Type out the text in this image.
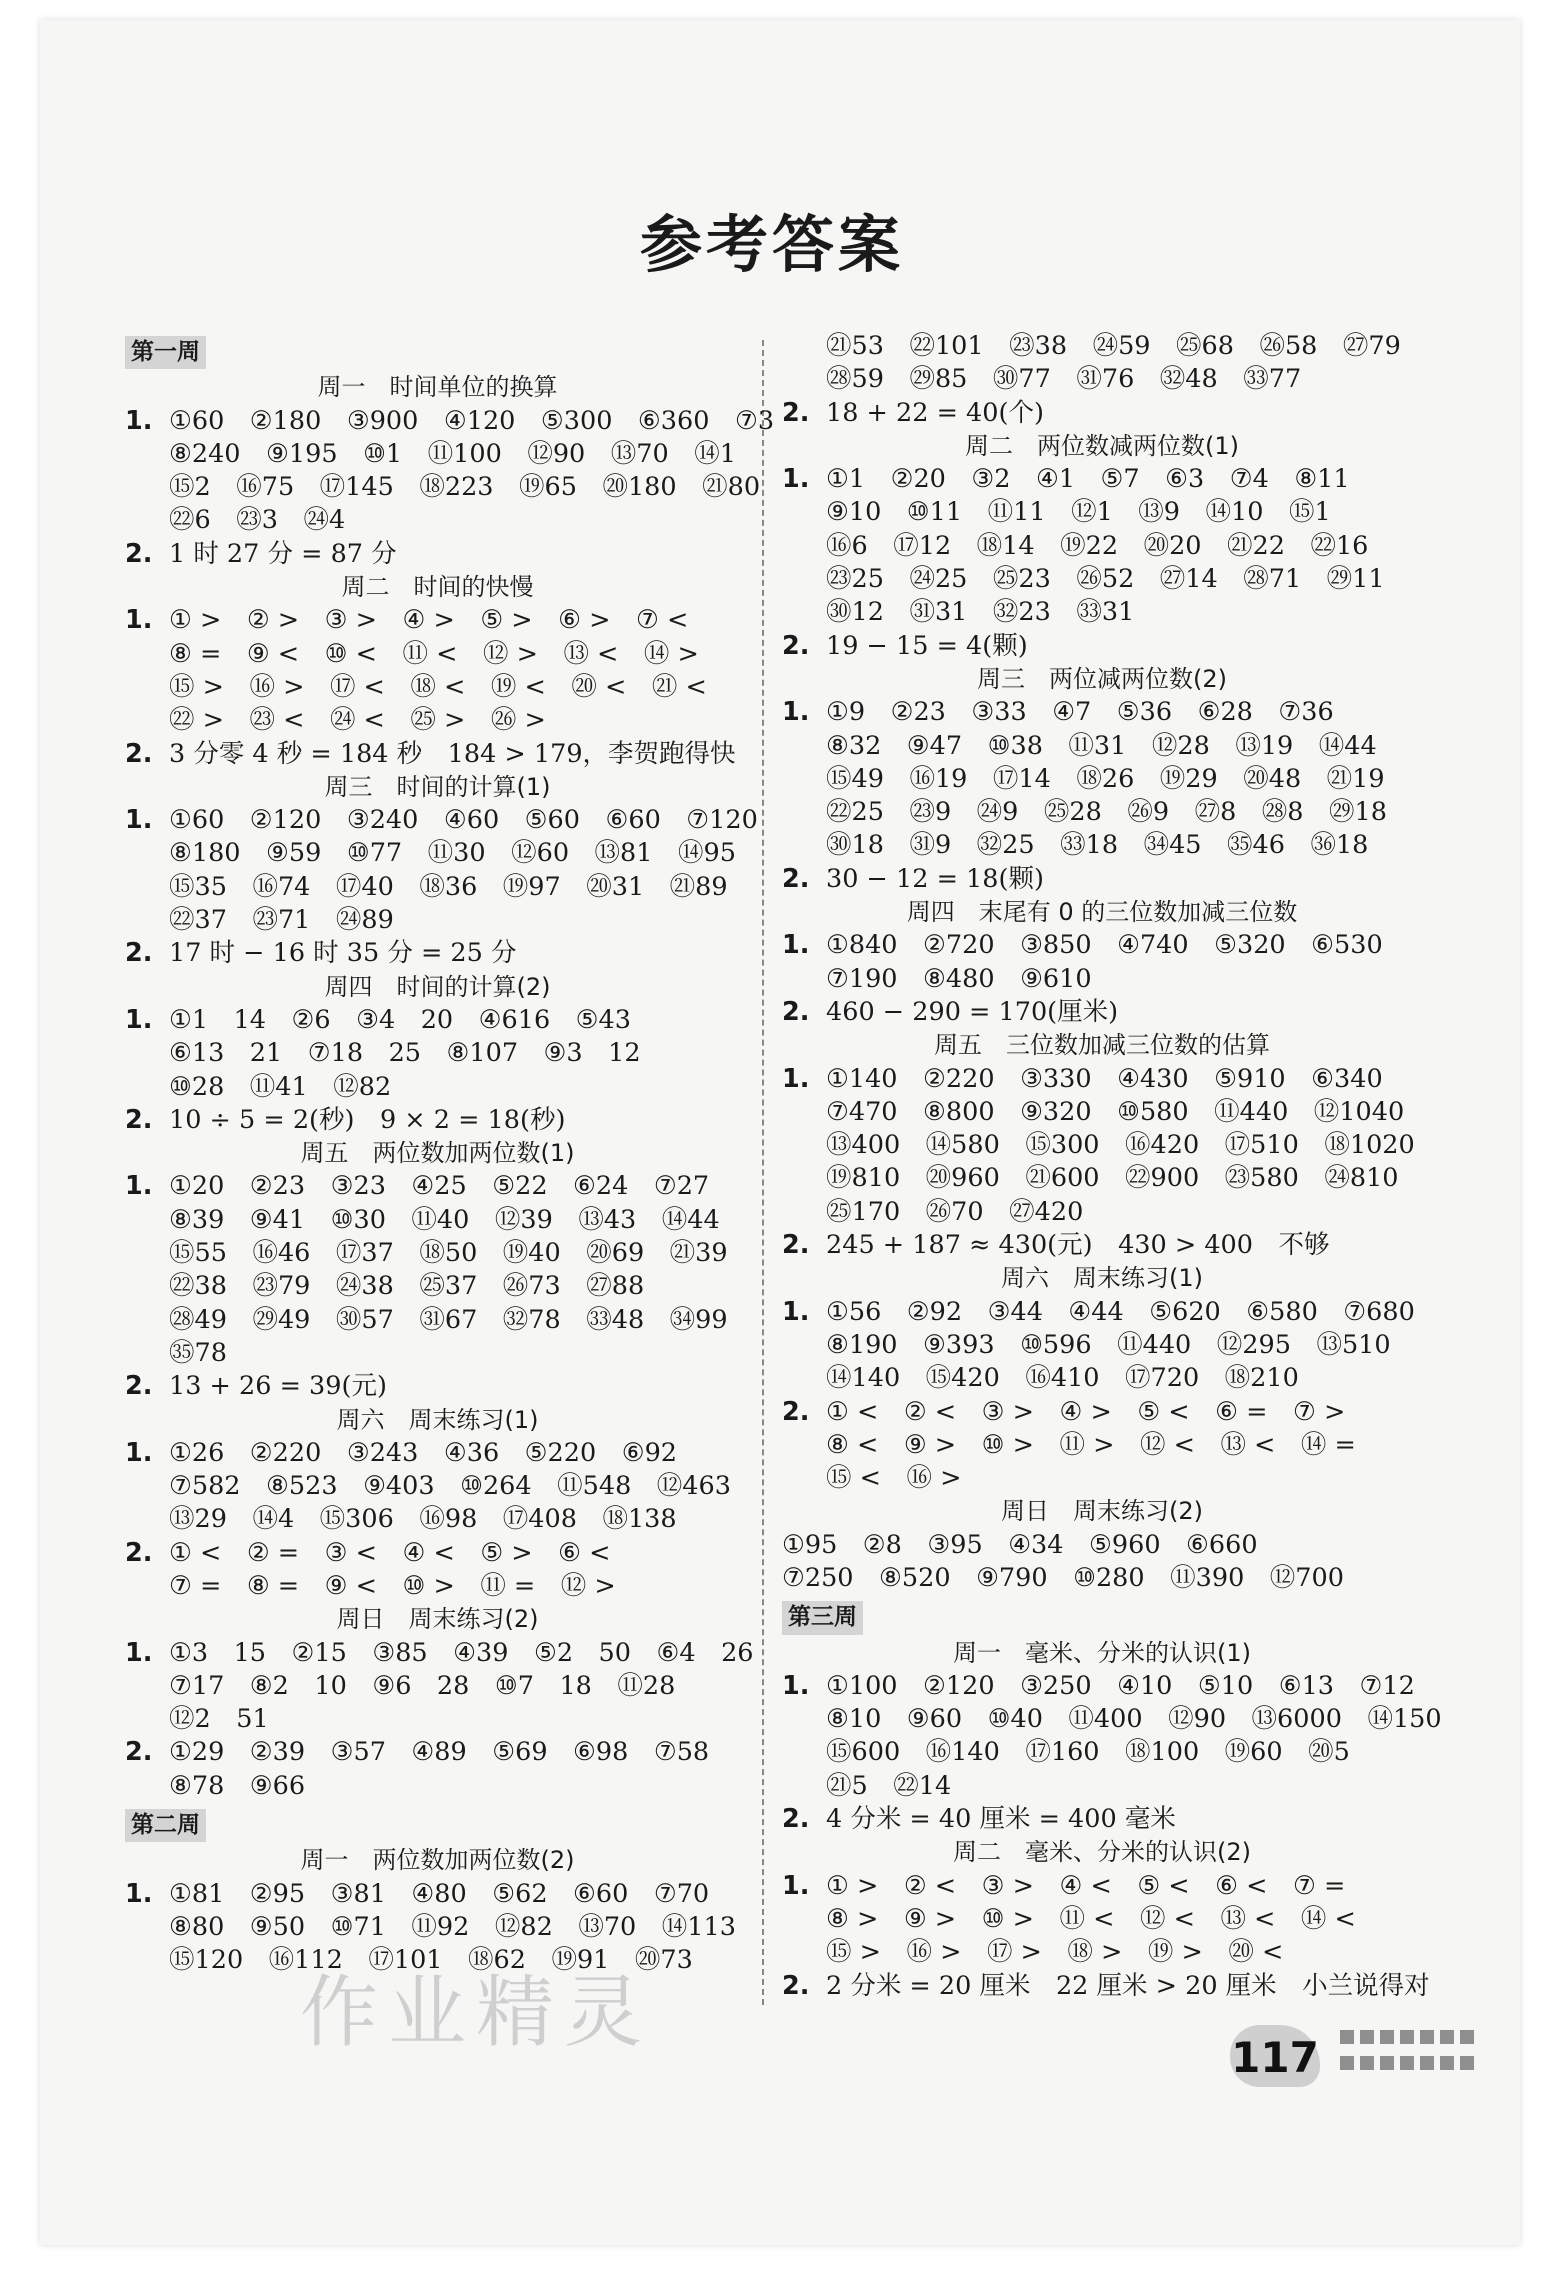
参考答案
第一周
周一　时间单位的换算
1. ①60　②180　③900　④120　⑤300　⑥360　⑦3
⑧240　⑨195　⑩1　⑪100　⑫90　⑬70　⑭1
⑮2　⑯75　⑰145　⑱223　⑲65　⑳180　㉑80
㉒6　㉓3　㉔4
2. 1 时 27 分 = 87 分
周二　时间的快慢
1. ① >　② >　③ >　④ >　⑤ >　⑥ >　⑦ <
⑧ =　⑨ <　⑩ <　⑪ <　⑫ >　⑬ <　⑭ >
⑮ >　⑯ >　⑰ <　⑱ <　⑲ <　⑳ <　㉑ <
㉒ >　㉓ <　㉔ <　㉕ >　㉖ >
2. 3 分零 4 秒 = 184 秒　184 > 179，李贺跑得快
周三　时间的计算(1)
1. ①60　②120　③240　④60　⑤60　⑥60　⑦120
⑧180　⑨59　⑩77　⑪30　⑫60　⑬81　⑭95
⑮35　⑯74　⑰40　⑱36　⑲97　⑳31　㉑89
㉒37　㉓71　㉔89
2. 17 时 − 16 时 35 分 = 25 分
周四　时间的计算(2)
1. ①1　14　②6　③4　20　④616　⑤43
⑥13　21　⑦18　25　⑧107　⑨3　12
⑩28　⑪41　⑫82
2. 10 ÷ 5 = 2(秒)　9 × 2 = 18(秒)
周五　两位数加两位数(1)
1. ①20　②23　③23　④25　⑤22　⑥24　⑦27
⑧39　⑨41　⑩30　⑪40　⑫39　⑬43　⑭44
⑮55　⑯46　⑰37　⑱50　⑲40　⑳69　㉑39
㉒38　㉓79　㉔38　㉕37　㉖73　㉗88
㉘49　㉙49　㉚57　㉛67　㉜78　㉝48　㉞99
㉟78
2. 13 + 26 = 39(元)
周六　周末练习(1)
1. ①26　②220　③243　④36　⑤220　⑥92
⑦582　⑧523　⑨403　⑩264　⑪548　⑫463
⑬29　⑭4　⑮306　⑯98　⑰408　⑱138
2. ① <　② =　③ <　④ <　⑤ >　⑥ <
⑦ =　⑧ =　⑨ <　⑩ >　⑪ =　⑫ >
周日　周末练习(2)
1. ①3　15　②15　③85　④39　⑤2　50　⑥4　26
⑦17　⑧2　10　⑨6　28　⑩7　18　⑪28
⑫2　51
2. ①29　②39　③57　④89　⑤69　⑥98　⑦58
⑧78　⑨66
第二周
周一　两位数加两位数(2)
1. ①81　②95　③81　④80　⑤62　⑥60　⑦70
⑧80　⑨50　⑩71　⑪92　⑫82　⑬70　⑭113
⑮120　⑯112　⑰101　⑱62　⑲91　⑳73
㉑53　㉒101　㉓38　㉔59　㉕68　㉖58　㉗79
㉘59　㉙85　㉚77　㉛76　㉜48　㉝77
2. 18 + 22 = 40(个)
周二　两位数减两位数(1)
1. ①1　②20　③2　④1　⑤7　⑥3　⑦4　⑧11
⑨10　⑩11　⑪11　⑫1　⑬9　⑭10　⑮1
⑯6　⑰12　⑱14　⑲22　⑳20　㉑22　㉒16
㉓25　㉔25　㉕23　㉖52　㉗14　㉘71　㉙11
㉚12　㉛31　㉜23　㉝31
2. 19 − 15 = 4(颗)
周三　两位减两位数(2)
1. ①9　②23　③33　④7　⑤36　⑥28　⑦36
⑧32　⑨47　⑩38　⑪31　⑫28　⑬19　⑭44
⑮49　⑯19　⑰14　⑱26　⑲29　⑳48　㉑19
㉒25　㉓9　㉔9　㉕28　㉖9　㉗8　㉘8　㉙18
㉚18　㉛9　㉜25　㉝18　㉞45　㉟46　㊱18
2. 30 − 12 = 18(颗)
周四　末尾有 0 的三位数加减三位数
1. ①840　②720　③850　④740　⑤320　⑥530
⑦190　⑧480　⑨610
2. 460 − 290 = 170(厘米)
周五　三位数加减三位数的估算
1. ①140　②220　③330　④430　⑤910　⑥340
⑦470　⑧800　⑨320　⑩580　⑪440　⑫1040
⑬400　⑭580　⑮300　⑯420　⑰510　⑱1020
⑲810　⑳960　㉑600　㉒900　㉓580　㉔810
㉕170　㉖70　㉗420
2. 245 + 187 ≈ 430(元)　430 > 400　不够
周六　周末练习(1)
1. ①56　②92　③44　④44　⑤620　⑥580　⑦680
⑧190　⑨393　⑩596　⑪440　⑫295　⑬510
⑭140　⑮420　⑯410　⑰720　⑱210
2. ① <　② <　③ >　④ >　⑤ <　⑥ =　⑦ >
⑧ <　⑨ >　⑩ >　⑪ >　⑫ <　⑬ <　⑭ =
⑮ <　⑯ >
周日　周末练习(2)
①95　②8　③95　④34　⑤960　⑥660
⑦250　⑧520　⑨790　⑩280　⑪390　⑫700
第三周
周一　毫米、分米的认识(1)
1. ①100　②120　③250　④10　⑤10　⑥13　⑦12
⑧10　⑨60　⑩40　⑪400　⑫90　⑬6000　⑭150
⑮600　⑯140　⑰160　⑱100　⑲60　⑳5
㉑5　㉒14
2. 4 分米 = 40 厘米 = 400 毫米
周二　毫米、分米的认识(2)
1. ① >　② <　③ >　④ <　⑤ <　⑥ <　⑦ =
⑧ >　⑨ >　⑩ >　⑪ <　⑫ <　⑬ <　⑭ <
⑮ >　⑯ >　⑰ >　⑱ >　⑲ >　⑳ <
2. 2 分米 = 20 厘米　22 厘米 > 20 厘米　小兰说得对
作业精灵	117
